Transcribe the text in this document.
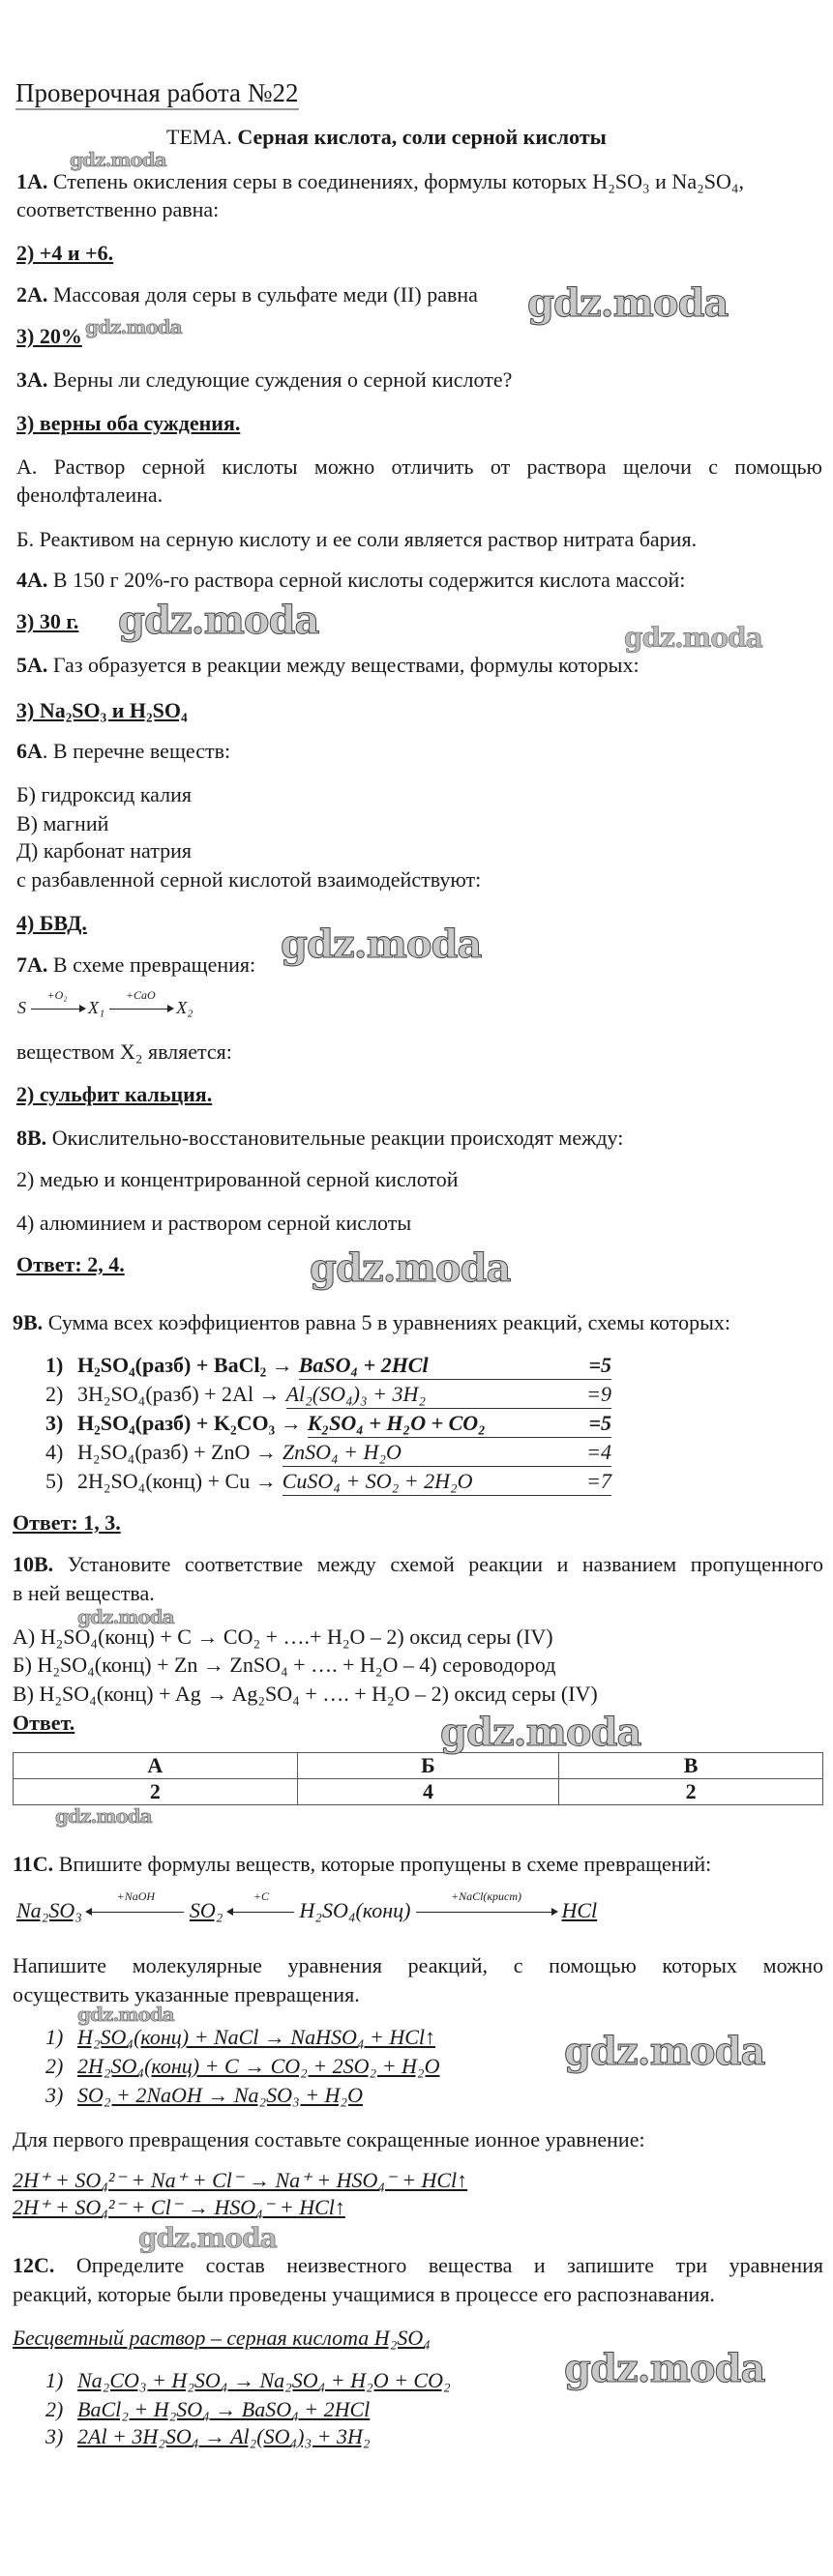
Проверочная работа №22
ТЕМА. Серная кислота, соли серной кислоты
1А. Степень окисления серы в соединениях, формулы которых H₂SO₃ и Na₂SO₄,
соответственно равна:
2) +4 и +6.
2А. Массовая доля серы в сульфате меди (II) равна
3) 20%
3А. Верны ли следующие суждения о серной кислоте?
3) верны оба суждения.
А. Раствор серной кислоты можно отличить от раствора щелочи с помощью
фенолфталеина.
Б. Реактивом на серную кислоту и ее соли является раствор нитрата бария.
4А. В 150 г 20%-го раствора серной кислоты содержится кислота массой:
3) 30 г.
5А. Газ образуется в реакции между веществами, формулы которых:
3) Na₂SO₃ и H₂SO₄
6А. В перечне веществ:
Б) гидроксид калия
В) магний
Д) карбонат натрия
с разбавленной серной кислотой взаимодействуют:
4) БВД.
7А. В схеме превращения:
S
+O₂
X₁
+CaO
X₂
веществом X₂ является:
2) сульфит кальция.
8В. Окислительно-восстановительные реакции происходят между:
2) медью и концентрированной серной кислотой
4) алюминием и раствором серной кислоты
Ответ: 2, 4.
9В. Сумма всех коэффициентов равна 5 в уравнениях реакций, схемы которых:
1) H₂SO₄(разб) + BaCl₂ → BaSO₄ + 2HCl	=5
2) 3H₂SO₄(разб) + 2Al → Al₂(SO₄)₃ + 3H₂	=9
3) H₂SO₄(разб) + K₂CO₃ → K₂SO₄ + H₂O + CO₂	=5
4) H₂SO₄(разб) + ZnO → ZnSO₄ + H₂O	=4
5) 2H₂SO₄(конц) + Cu → CuSO₄ + SO₂ + 2H₂O	=7
Ответ: 1, 3.
10В. Установите соответствие между схемой реакции и названием пропущенного
в ней вещества.
А) H₂SO₄(конц) + C → CO₂ + ….+ H₂O – 2) оксид серы (IV)
Б) H₂SO₄(конц) + Zn → ZnSO₄ + …. + H₂O – 4) сероводород
В) H₂SO₄(конц) + Ag → Ag₂SO₄ + …. + H₂O – 2) оксид серы (IV)
Ответ.
А	Б	В
2	4	2
11С. Впишите формулы веществ, которые пропущены в схеме превращений:
Na₂SO₃
+NaOH
SO₂
+C
H₂SO₄(конц)
+NaCl(крист)
HCl
Напишите молекулярные уравнения реакций, с помощью которых можно
осуществить указанные превращения.
1) H₂SO₄(конц) + NaCl → NaHSO₄ + HCl↑
2) 2H₂SO₄(конц) + C → CO₂ + 2SO₂ + H₂O
3) SO₂ + 2NaOH → Na₂SO₃ + H₂O
Для первого превращения составьте сокращенные ионное уравнение:
2H⁺ + SO₄²⁻ + Na⁺ + Cl⁻ → Na⁺ + HSO₄⁻ + HCl↑
2H⁺ + SO₄²⁻ + Cl⁻ → HSO₄⁻ + HCl↑
12С. Определите состав неизвестного вещества и запишите три уравнения
реакций, которые были проведены учащимися в процессе его распознавания.
Бесцветный раствор – серная кислота H₂SO₄
1) Na₂CO₃ + H₂SO₄ → Na₂SO₄ + H₂O + CO₂
2) BaCl₂ + H₂SO₄ → BaSO₄ + 2HCl
3) 2Al + 3H₂SO₄ → Al₂(SO₄)₃ + 3H₂
gdz.moda
gdz.moda
gdz.moda
gdz.moda	gdz.moda
gdz.moda
gdz.moda
gdz.moda
gdz.moda
gdz.moda
gdz.moda
gdz.moda
gdz.moda
gdz.moda
